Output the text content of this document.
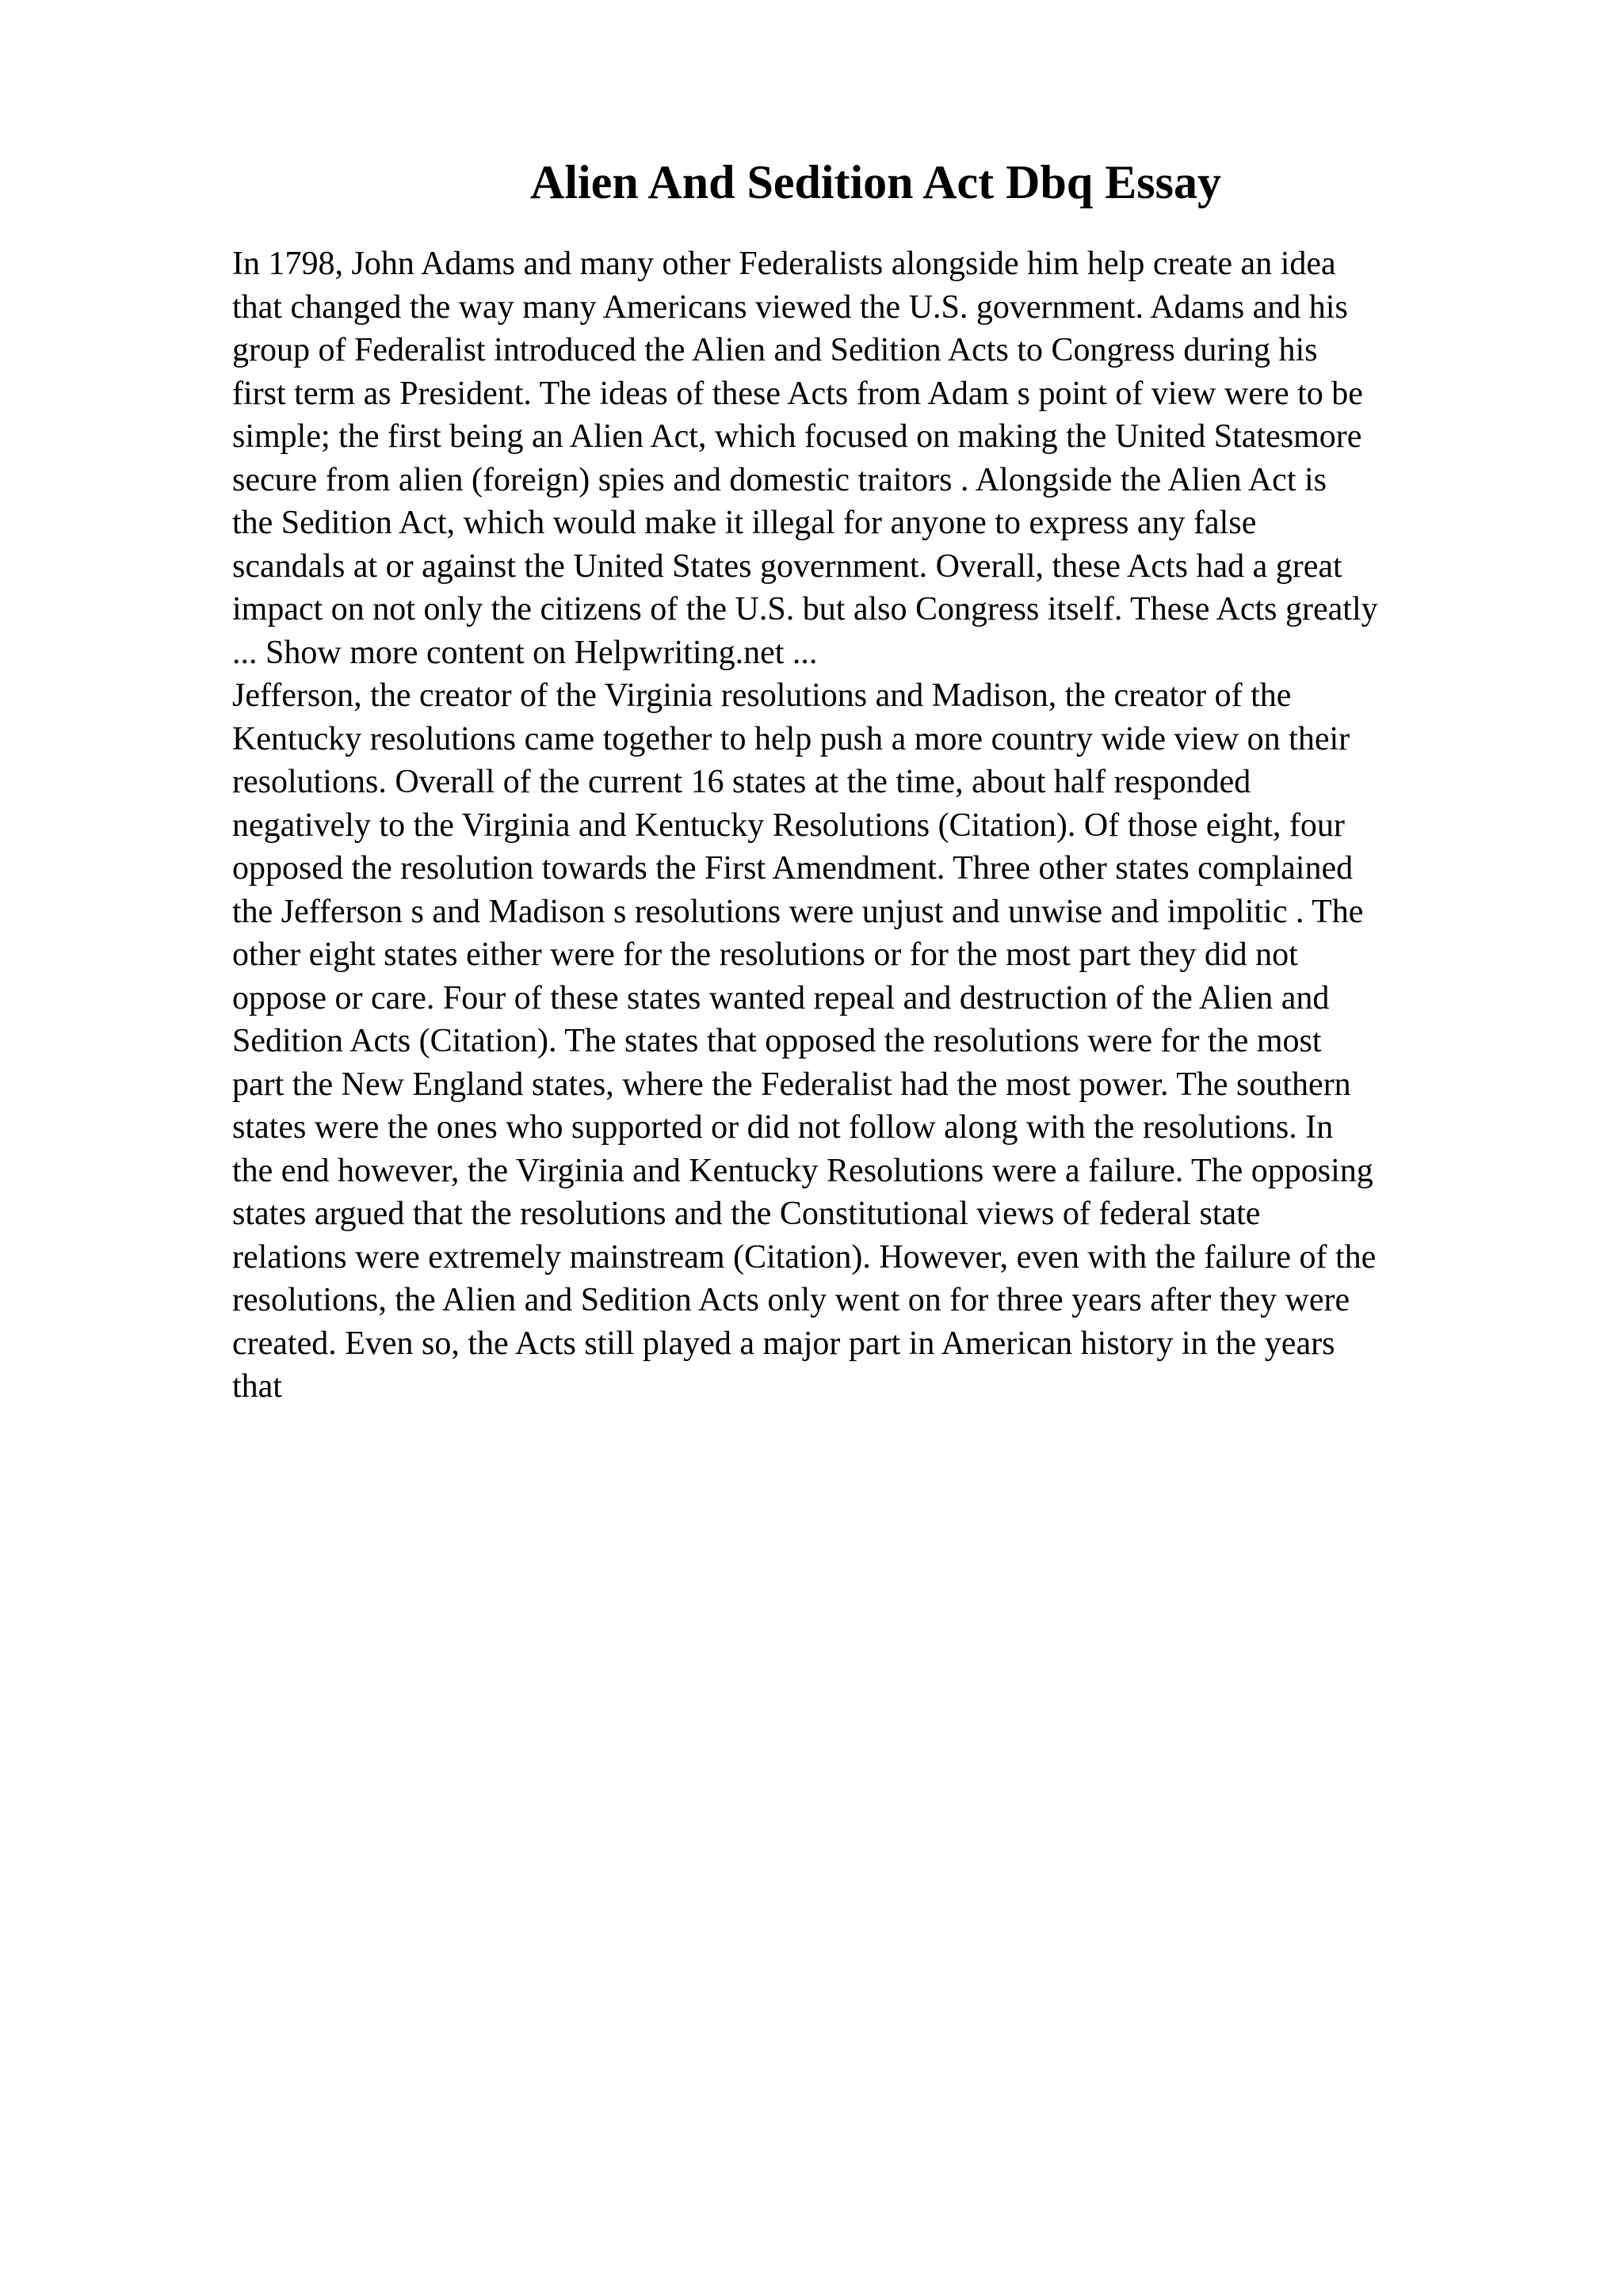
Alien And Sedition Act Dbq Essay
In 1798, John Adams and many other Federalists alongside him help create an idea
that changed the way many Americans viewed the U.S. government. Adams and his
group of Federalist introduced the Alien and Sedition Acts to Congress during his
first term as President. The ideas of these Acts from Adam s point of view were to be
simple; the first being an Alien Act, which focused on making the United Statesmore
secure from alien (foreign) spies and domestic traitors . Alongside the Alien Act is
the Sedition Act, which would make it illegal for anyone to express any false
scandals at or against the United States government. Overall, these Acts had a great
impact on not only the citizens of the U.S. but also Congress itself. These Acts greatly
... Show more content on Helpwriting.net ...
Jefferson, the creator of the Virginia resolutions and Madison, the creator of the
Kentucky resolutions came together to help push a more country wide view on their
resolutions. Overall of the current 16 states at the time, about half responded
negatively to the Virginia and Kentucky Resolutions (Citation). Of those eight, four
opposed the resolution towards the First Amendment. Three other states complained
the Jefferson s and Madison s resolutions were unjust and unwise and impolitic . The
other eight states either were for the resolutions or for the most part they did not
oppose or care. Four of these states wanted repeal and destruction of the Alien and
Sedition Acts (Citation). The states that opposed the resolutions were for the most
part the New England states, where the Federalist had the most power. The southern
states were the ones who supported or did not follow along with the resolutions. In
the end however, the Virginia and Kentucky Resolutions were a failure. The opposing
states argued that the resolutions and the Constitutional views of federal state
relations were extremely mainstream (Citation). However, even with the failure of the
resolutions, the Alien and Sedition Acts only went on for three years after they were
created. Even so, the Acts still played a major part in American history in the years
that
